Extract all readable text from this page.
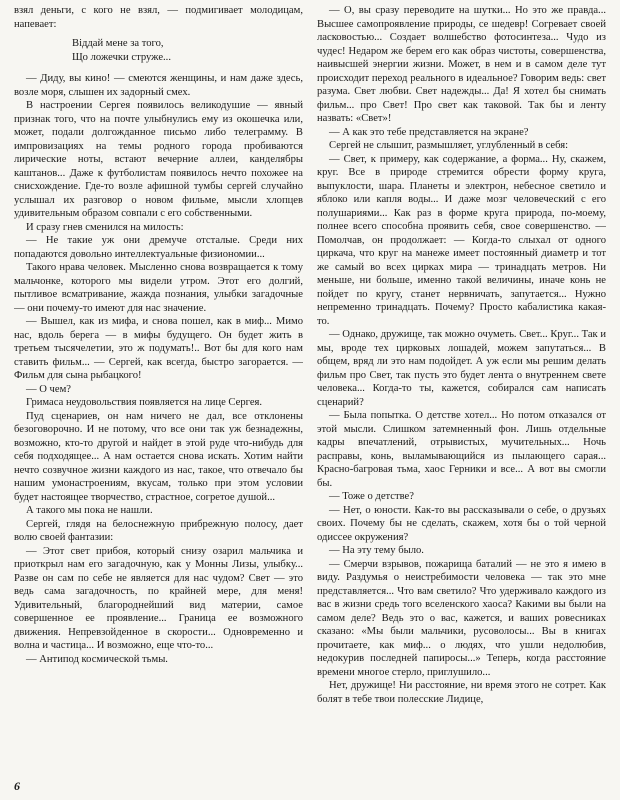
взял деньги, с кого не взял, — подмигивает молодицам, напевает:

Віддай мене за того,
Що ложечки струже...

— Диду, вы кино! — смеются женщины, и нам даже здесь, возле моря, слышен их задорный смех.

В настроении Сергея появилось великодушие — явный признак того, что на почте улыбнулись ему из окошечка или, может, подали долгожданное письмо либо телеграмму. В импровизациях на темы родного города пробиваются лирические ноты, встают вечерние аллеи, канделябры каштанов... Даже к футболистам появилось нечто похожее на снисхождение. Где-то возле афишной тумбы сергей случайно услышал их разговор о новом фильме, мысли хлопцев удивительным образом совпали с его собственными.

И сразу гнев сменился на милость:

— Не такие уж они дремуче отсталые. Среди них попадаются довольно интеллектуальные физиономии...

Такого нрава человек. Мысленно снова возвращается к тому мальчонке, которого мы видели утром. Этот его долгий, пытливое всматривание, жажда познания, улыбки загадочные — они почему-то имеют для нас значение.

— Вышел, как из мифа, и снова пошел, как в миф... Мимо нас, вдоль берега — в мифы будущего. Он будет жить в третьем тысячелетии, это ж подумать!.. Вот бы для кого нам ставить фильм... — Сергей, как всегда, быстро загорается. — Фильм для сына рыбацкого!

— О чем?

Гримаса неудовольствия появляется на лице Сергея.

Пуд сценариев, он нам ничего не дал, все отклонены безоговорочно. И не потому, что все они так уж безнадежны, возможно, кто-то другой и найдет в этой руде что-нибудь для себя подходящее... А нам остается снова искать. Хотим найти нечто созвучное жизни каждого из нас, такое, что отвечало бы нашим умонастроениям, вкусам, только при этом условии будет настоящее творчество, страстное, согретое душой...

А такого мы пока не нашли.

Сергей, глядя на белоснежную прибрежную полосу, дает волю своей фантазии:

— Этот свет прибоя, который снизу озарил мальчика и приоткрыл нам его загадочную, как у Монны Лизы, улыбку... Разве он сам по себе не является для нас чудом? Свет — это ведь сама загадочность, по крайней мере, для меня! Удивительный, благороднейший вид материи, самое совершенное ее проявление... Граница ее возможного движения. Непревзойденное в скорости... Одновременно и волна и частица... И возможно, еще что-то...

— Антипод космической тьмы.

— О, вы сразу переводите на шутки... Но это же правда... Высшее самопроявление природы, се шедевр! Согревает своей ласковостью... Создает волшебство фотосинтеза... Чудо из чудес! Недаром же берем его как образ чистоты, совершенства, наивысшей энергии жизни. Может, в нем и в самом деле тут происходит переход реального в идеальное? Говорим ведь: свет разума. Свет любви. Свет надежды... Да! Я хотел бы снимать фильм... про Свет! Про свет как таковой. Так бы и ленту назвать: «Свет»!

— А как это тебе представляется на экране?

Сергей не слышит, размышляет, углубленный в себя:

— Свет, к примеру, как содержание, а форма... Ну, скажем, круг. Все в природе стремится обрести форму круга, выпуклости, шара. Планеты и электрон, небесное светило и яблоко или капля воды... И даже мозг человеческий с его полушариями... Как раз в форме круга природа, по-моему, полнее всего способна проявить себя, свое совершенство. — Помолчав, он продолжает: — Когда-то слыхал от одного циркача, что круг на манеже имеет постоянный диаметр и тот же самый во всех цирках мира — тринадцать метров. Ни меньше, ни больше, именно такой величины, иначе конь не пойдет по кругу, станет нервничать, запутается... Нужно непременно тринадцать. Почему? Просто кабалистика какая-то.

— Однако, дружище, так можно очуметь. Свет... Круг... Так и мы, вроде тех цирковых лошадей, можем запутаться... В общем, вряд ли это нам подойдет. А уж если мы решим делать фильм про Свет, так пусть это будет лента о внутреннем свете человека... Когда-то ты, кажется, собирался сам написать сценарий?

— Была попытка. О детстве хотел... Но потом отказался от этой мысли. Слишком затемненный фон. Лишь отдельные кадры впечатлений, отрывистых, мучительных... Ночь расправы, конь, выламывающийся из пылающего сарая... Красно-багровая тьма, хаос Герники и все... А вот вы смогли бы.

— Тоже о детстве?

— Нет, о юности. Как-то вы рассказывали о себе, о друзьях своих. Почему бы не сделать, скажем, хотя бы о той черной одиссее окружения?

— На эту тему было.

— Смерчи взрывов, пожарища баталий — не это я имею в виду. Раздумья о неистребимости человека — так это мне представляется... Что вам светило? Что удерживало каждого из вас в жизни средь того вселенского хаоса? Какими вы были на самом деле? Ведь это о вас, кажется, и ваших ровесниках сказано: «Мы были мальчики, русоволосы... Вы в книгах прочитаете, как миф... о людях, что ушли недолюбив, недокурив последней папиросы...» Теперь, когда расстояние времени многое стерло, приглушило...

Нет, дружище! Ни расстояние, ни время этого не сотрет. Как болят в тебе твои полесские Лидице,

6
